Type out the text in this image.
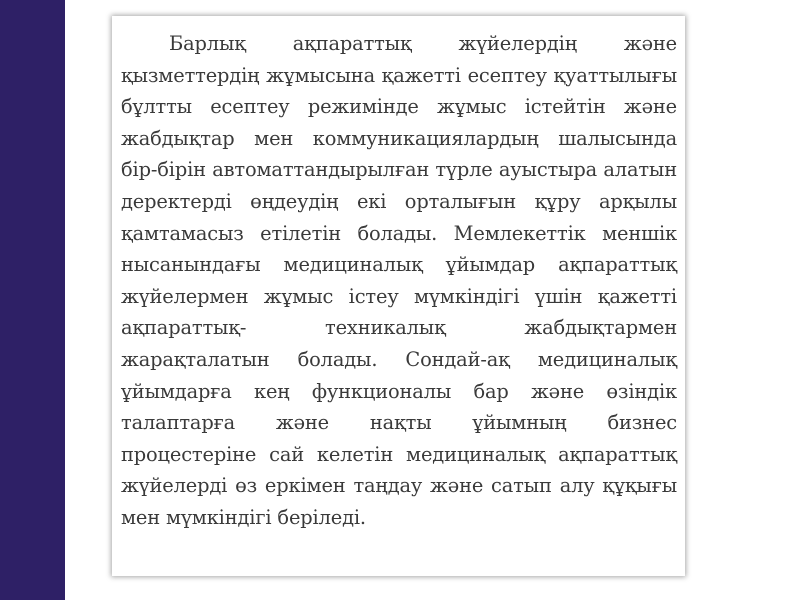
Барлық ақпараттық жүйелердің және қызметтердің жұмысына қажетті есептеу қуаттылығы бұлтты есептеу режимінде жұмыс істейтін және жабдықтар мен коммуникациялардың шалысында бір-бірін автоматтандырылған түрле ауыстыра алатын деректерді өңдеудің екі орталығын құру арқылы қамтамасыз етілетін болады. Мемлекеттік меншік нысанындағы медициналық ұйымдар ақпараттық жүйелермен жұмыс істеу мүмкіндігі үшін қажетті ақпараттық- техникалық жабдықтармен жарақталатын болады. Сондай-ақ медициналық ұйымдарға кең функционалы бар және өзіндік талаптарға және нақты ұйымның бизнес процестеріне сай келетін медициналық ақпараттық жүйелерді өз еркімен таңдау және сатып алу құқығы мен мүмкіндігі беріледі.
